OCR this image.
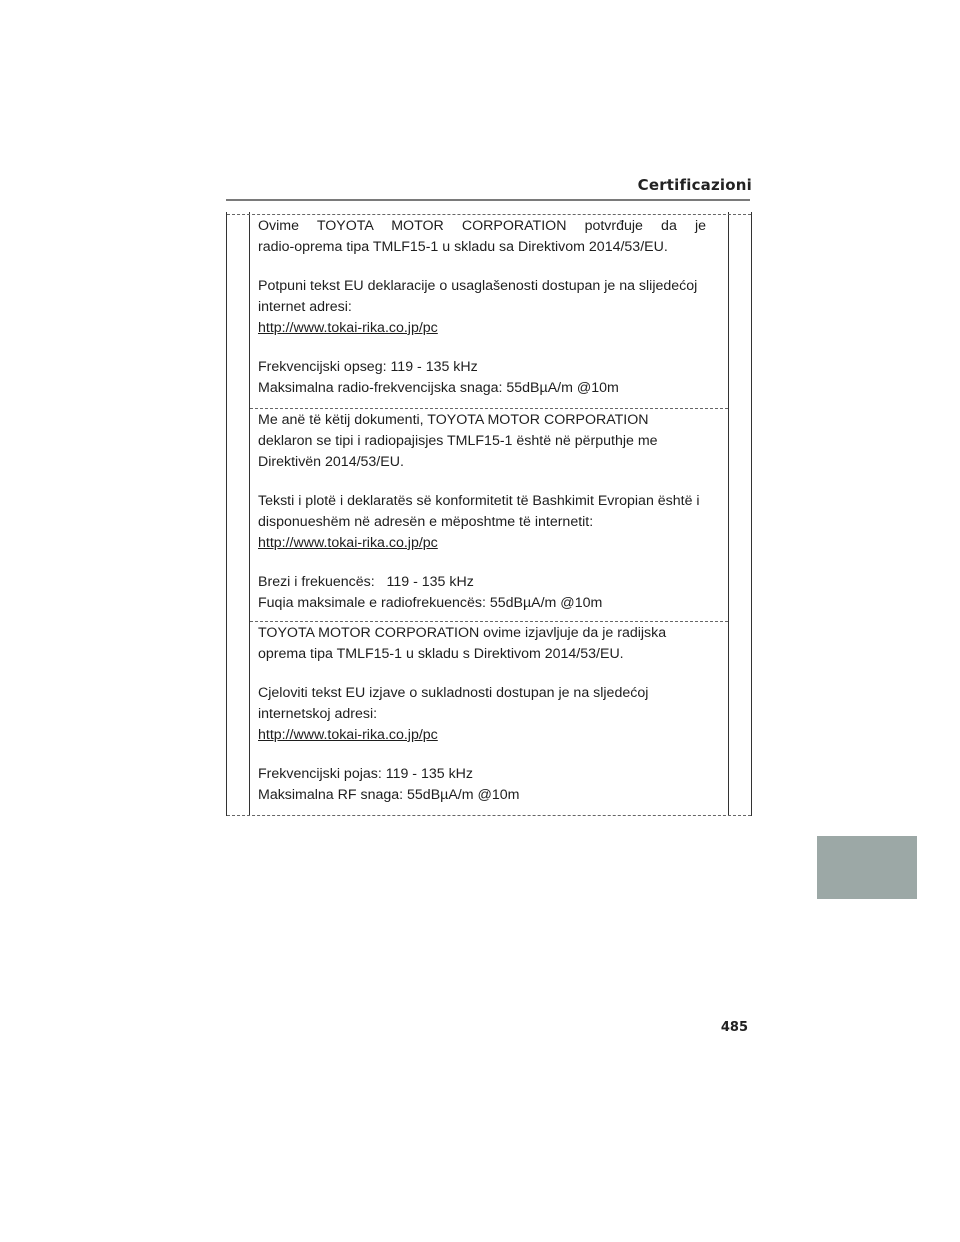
Certificazioni

Ovime TOYOTA MOTOR CORPORATION potvrđuje da je

radio-oprema tipa TMLF15-1 u skladu sa Direktivom 2014/53/EU.

Potpuni tekst EU deklaracije o usaglašenosti dostupan je na slijedećoj

internet adresi:

http://www.tokai-rika.co.jp/pc

Frekvencijski opseg: 119 - 135 kHz

Maksimalna radio-frekvencijska snaga: 55dBµA/m @10m

Me anë të këtij dokumenti, TOYOTA MOTOR CORPORATION

deklaron se tipi i radiopajisjes TMLF15-1 është në përputhje me

Direktivën 2014/53/EU.

Teksti i plotë i deklaratës së konformitetit të Bashkimit Evropian është i

disponueshëm në adresën e mëposhtme të internetit:

http://www.tokai-rika.co.jp/pc

Brezi i frekuencës:   119 - 135 kHz

Fuqia maksimale e radiofrekuencës: 55dBµA/m @10m

TOYOTA MOTOR CORPORATION ovime izjavljuje da je radijska

oprema tipa TMLF15-1 u skladu s Direktivom 2014/53/EU.

Cjeloviti tekst EU izjave o sukladnosti dostupan je na sljedećoj

internetskoj adresi:

http://www.tokai-rika.co.jp/pc

Frekvencijski pojas: 119 - 135 kHz

Maksimalna RF snaga: 55dBµA/m @10m

485
